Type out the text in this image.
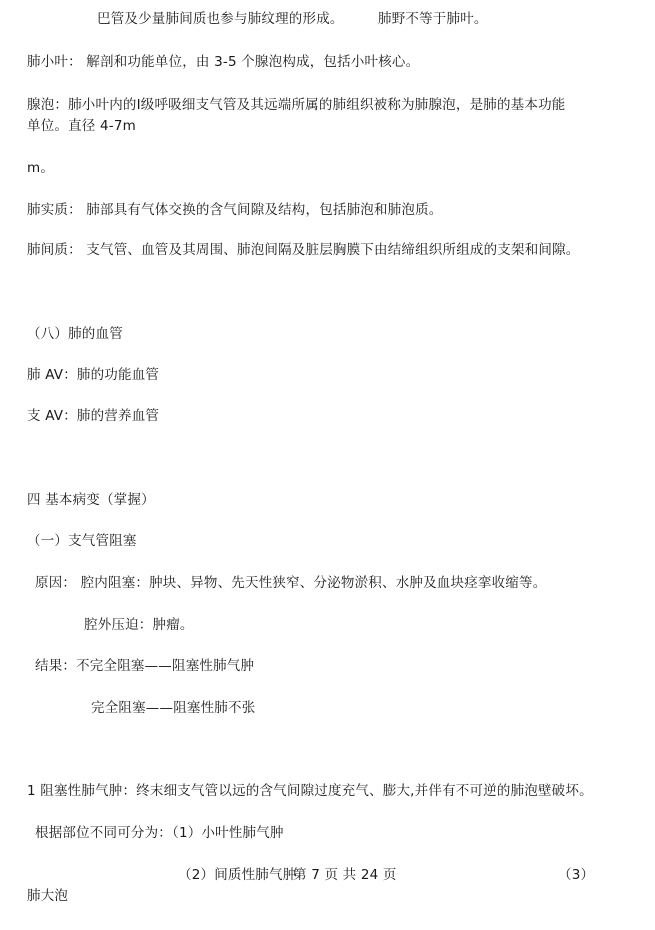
巴管及少量肺间质也参与肺纹理的形成。	肺野不等于肺叶。
肺小叶： 解剖和功能单位，由 3-5 个腺泡构成，包括小叶核心。
腺泡：肺小叶内的Ⅰ级呼吸细支气管及其远端所属的肺组织被称为肺腺泡，是肺的基本功能
单位。直径 4-7m
m。
肺实质： 肺部具有气体交换的含气间隙及结构，包括肺泡和肺泡质。
肺间质： 支气管、血管及其周围、肺泡间隔及脏层胸膜下由结缔组织所组成的支架和间隙。
（八）肺的血管
肺 AV：肺的功能血管
支 AV：肺的营养血管
四 基本病变（掌握）
（一）支气管阻塞
原因： 腔内阻塞：肿块、异物、先天性狭窄、分泌物淤积、水肿及血块痉挛收缩等。
腔外压迫：肿瘤。
结果：不完全阻塞——阻塞性肺气肿
完全阻塞——阻塞性肺不张
1 阻塞性肺气肿：终末细支气管以远的含气间隙过度充气、膨大,并伴有不可逆的肺泡壁破坏。
根据部位不同可分为：（1）小叶性肺气肿
（2）间质性肺气肿
第 7 页 共 24 页	（3）
肺大泡
